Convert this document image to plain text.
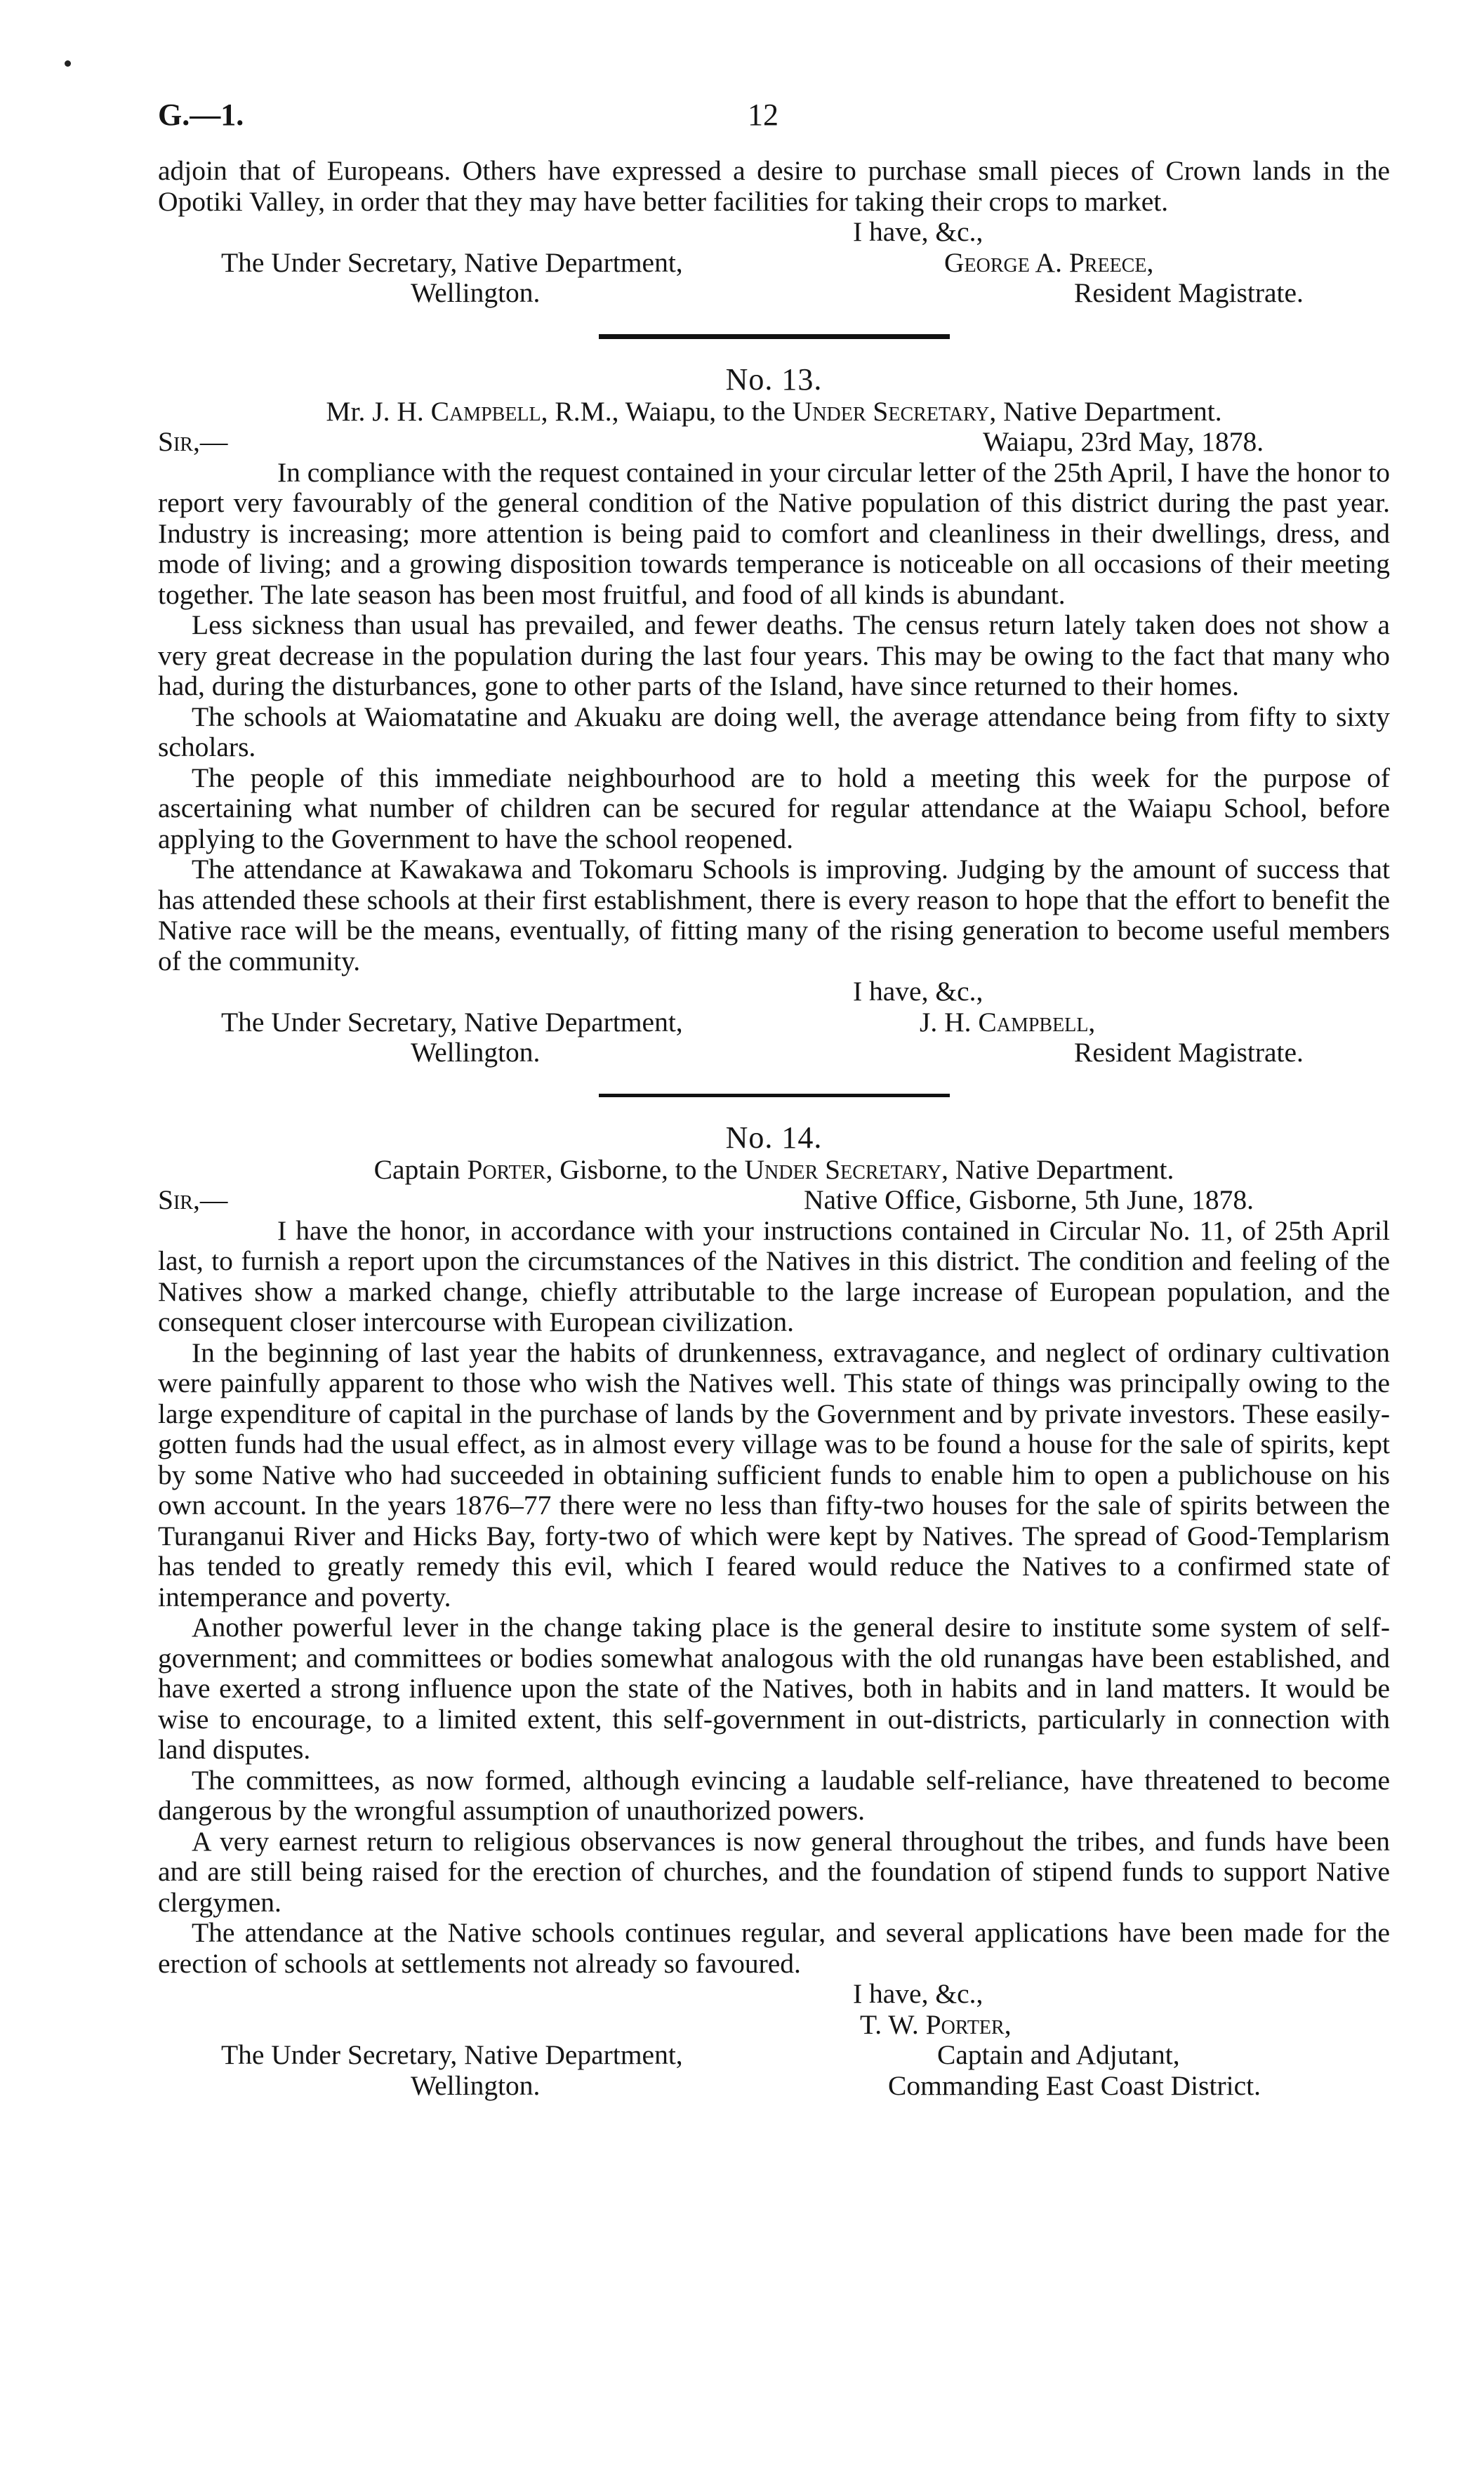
G.—1.	12

adjoin that of Europeans. Others have expressed a desire to purchase small pieces of Crown lands in the Opotiki Valley, in order that they may have better facilities for taking their crops to market.

I have, &c.,
The Under Secretary, Native Department,	George A. Preece,
Wellington.	Resident Magistrate.
No. 13.
Mr. J. H. Campbell, R.M., Waiapu, to the Under Secretary, Native Department.
Sir,—	Waiapu, 23rd May, 1878.

In compliance with the request contained in your circular letter of the 25th April, I have the honor to report very favourably of the general condition of the Native population of this district during the past year. Industry is increasing; more attention is being paid to comfort and cleanliness in their dwellings, dress, and mode of living; and a growing disposition towards temperance is noticeable on all occasions of their meeting together. The late season has been most fruitful, and food of all kinds is abundant.

Less sickness than usual has prevailed, and fewer deaths. The census return lately taken does not show a very great decrease in the population during the last four years. This may be owing to the fact that many who had, during the disturbances, gone to other parts of the Island, have since returned to their homes.

The schools at Waiomatatine and Akuaku are doing well, the average attendance being from fifty to sixty scholars.

The people of this immediate neighbourhood are to hold a meeting this week for the purpose of ascertaining what number of children can be secured for regular attendance at the Waiapu School, before applying to the Government to have the school reopened.

The attendance at Kawakawa and Tokomaru Schools is improving. Judging by the amount of success that has attended these schools at their first establishment, there is every reason to hope that the effort to benefit the Native race will be the means, eventually, of fitting many of the rising generation to become useful members of the community.

I have, &c.,
The Under Secretary, Native Department,	J. H. Campbell,
Wellington.	Resident Magistrate.
No. 14.
Captain Porter, Gisborne, to the Under Secretary, Native Department.
Sir,—	Native Office, Gisborne, 5th June, 1878.

I have the honor, in accordance with your instructions contained in Circular No. 11, of 25th April last, to furnish a report upon the circumstances of the Natives in this district. The condition and feeling of the Natives show a marked change, chiefly attributable to the large increase of European population, and the consequent closer intercourse with European civilization.

In the beginning of last year the habits of drunkenness, extravagance, and neglect of ordinary cultivation were painfully apparent to those who wish the Natives well. This state of things was principally owing to the large expenditure of capital in the purchase of lands by the Government and by private investors. These easily-gotten funds had the usual effect, as in almost every village was to be found a house for the sale of spirits, kept by some Native who had succeeded in obtaining sufficient funds to enable him to open a publichouse on his own account. In the years 1876–77 there were no less than fifty-two houses for the sale of spirits between the Turanganui River and Hicks Bay, forty-two of which were kept by Natives. The spread of Good-Templarism has tended to greatly remedy this evil, which I feared would reduce the Natives to a confirmed state of intemperance and poverty.

Another powerful lever in the change taking place is the general desire to institute some system of self-government; and committees or bodies somewhat analogous with the old runangas have been established, and have exerted a strong influence upon the state of the Natives, both in habits and in land matters. It would be wise to encourage, to a limited extent, this self-government in out-districts, particularly in connection with land disputes.

The committees, as now formed, although evincing a laudable self-reliance, have threatened to become dangerous by the wrongful assumption of unauthorized powers.

A very earnest return to religious observances is now general throughout the tribes, and funds have been and are still being raised for the erection of churches, and the foundation of stipend funds to support Native clergymen.

The attendance at the Native schools continues regular, and several applications have been made for the erection of schools at settlements not already so favoured.

I have, &c.,
T. W. Porter,
The Under Secretary, Native Department,	Captain and Adjutant,
Wellington.	Commanding East Coast District.
